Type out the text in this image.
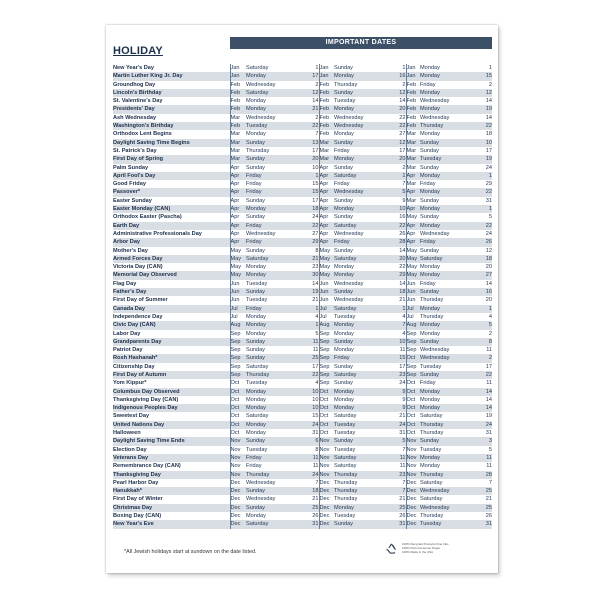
HOLIDAY
IMPORTANT DATES
New Year's Day	Jan	Saturday	1	Jan	Sunday	1	Jan	Monday	1
Martin Luther King Jr. Day	Jan	Monday	17	Jan	Monday	16	Jan	Monday	15
Groundhog Day	Feb	Wednesday	2	Feb	Thursday	2	Feb	Friday	2
Lincoln's Birthday	Feb	Saturday	12	Feb	Sunday	12	Feb	Monday	12
St. Valentine's Day	Feb	Monday	14	Feb	Tuesday	14	Feb	Wednesday	14
Presidents' Day	Feb	Monday	21	Feb	Monday	20	Feb	Monday	19
Ash Wednesday	Mar	Wednesday	2	Feb	Wednesday	22	Feb	Wednesday	14
Washington's Birthday	Feb	Tuesday	22	Feb	Wednesday	22	Feb	Thursday	22
Orthodox Lent Begins	Mar	Monday	7	Feb	Monday	27	Mar	Monday	18
Daylight Saving Time Begins	Mar	Sunday	13	Mar	Sunday	12	Mar	Sunday	10
St. Patrick's Day	Mar	Thursday	17	Mar	Friday	17	Mar	Sunday	17
First Day of Spring	Mar	Sunday	20	Mar	Monday	20	Mar	Tuesday	19
Palm Sunday	Apr	Sunday	10	Apr	Sunday	2	Mar	Sunday	24
April Fool's Day	Apr	Friday	1	Apr	Saturday	1	Apr	Monday	1
Good Friday	Apr	Friday	15	Apr	Friday	7	Mar	Friday	29
Passover*	Apr	Friday	15	Apr	Wednesday	5	Apr	Monday	22
Easter Sunday	Apr	Sunday	17	Apr	Sunday	9	Mar	Sunday	31
Easter Monday (CAN)	Apr	Monday	18	Apr	Monday	10	Apr	Monday	1
Orthodox Easter (Pascha)	Apr	Sunday	24	Apr	Sunday	16	May	Sunday	5
Earth Day	Apr	Friday	22	Apr	Saturday	22	Apr	Monday	22
Administrative Professionals Day	Apr	Wednesday	27	Apr	Wednesday	26	Apr	Wednesday	24
Arbor Day	Apr	Friday	29	Apr	Friday	28	Apr	Friday	26
Mother's Day	May	Sunday	8	May	Sunday	14	May	Sunday	12
Armed Forces Day	May	Saturday	21	May	Saturday	20	May	Saturday	18
Victoria Day (CAN)	May	Monday	23	May	Monday	22	May	Monday	20
Memorial Day Observed	May	Monday	30	May	Monday	29	May	Monday	27
Flag Day	Jun	Tuesday	14	Jun	Wednesday	14	Jun	Friday	14
Father's Day	Jun	Sunday	19	Jun	Sunday	18	Jun	Sunday	16
First Day of Summer	Jun	Tuesday	21	Jun	Wednesday	21	Jun	Thursday	20
Canada Day	Jul	Friday	1	Jul	Saturday	1	Jul	Monday	1
Independence Day	Jul	Monday	4	Jul	Tuesday	4	Jul	Thursday	4
Civic Day (CAN)	Aug	Monday	1	Aug	Monday	7	Aug	Monday	5
Labor Day	Sep	Monday	5	Sep	Monday	4	Sep	Monday	2
Grandparents Day	Sep	Sunday	11	Sep	Sunday	10	Sep	Sunday	8
Patriot Day	Sep	Sunday	11	Sep	Monday	11	Sep	Wednesday	11
Rosh Hashanah*	Sep	Sunday	25	Sep	Friday	15	Oct	Wednesday	2
Citizenship Day	Sep	Saturday	17	Sep	Sunday	17	Sep	Tuesday	17
First Day of Autumn	Sep	Thursday	22	Sep	Saturday	23	Sep	Sunday	22
Yom Kippur*	Oct	Tuesday	4	Sep	Sunday	24	Oct	Friday	11
Columbus Day Observed	Oct	Monday	10	Oct	Monday	9	Oct	Monday	14
Thanksgiving Day (CAN)	Oct	Monday	10	Oct	Monday	9	Oct	Monday	14
Indigenous Peoples Day	Oct	Monday	10	Oct	Monday	9	Oct	Monday	14
Sweetest Day	Oct	Saturday	15	Oct	Saturday	21	Oct	Saturday	19
United Nations Day	Oct	Monday	24	Oct	Tuesday	24	Oct	Thursday	24
Halloween	Oct	Monday	31	Oct	Tuesday	31	Oct	Thursday	31
Daylight Saving Time Ends	Nov	Sunday	6	Nov	Sunday	5	Nov	Sunday	3
Election Day	Nov	Tuesday	8	Nov	Tuesday	7	Nov	Tuesday	5
Veterans Day	Nov	Friday	11	Nov	Saturday	11	Nov	Monday	11
Remembrance Day (CAN)	Nov	Friday	11	Nov	Saturday	11	Nov	Monday	11
Thanksgiving Day	Nov	Thursday	24	Nov	Thursday	23	Nov	Thursday	28
Pearl Harbor Day	Dec	Wednesday	7	Dec	Thursday	7	Dec	Saturday	7
Hanukkah*	Dec	Sunday	18	Dec	Thursday	7	Dec	Wednesday	25
First Day of Winter	Dec	Wednesday	21	Dec	Thursday	21	Dec	Saturday	21
Christmas Day	Dec	Sunday	25	Dec	Monday	25	Dec	Wednesday	25
Boxing Day (CAN)	Dec	Monday	26	Dec	Tuesday	26	Dec	Thursday	26
New Year's Eve	Dec	Saturday	31	Dec	Sunday	31	Dec	Tuesday	31
*All Jewish holidays start at sundown on the date listed.
100% Recycled Products Fine Inks
100% Post-Consumer Paper
100% Made in the USA
